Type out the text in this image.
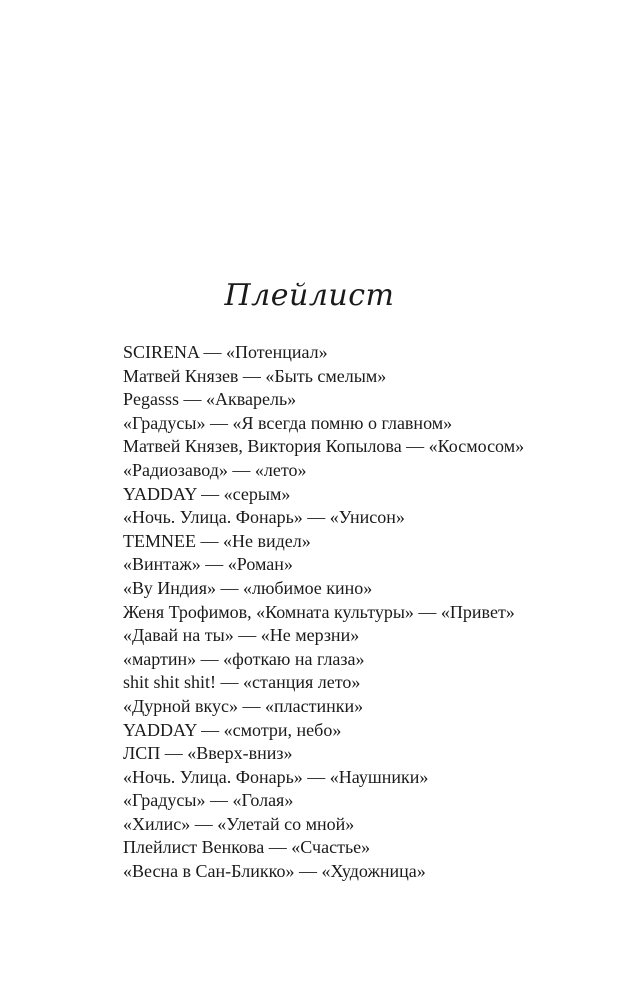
Плейлист
SCIRENA — «Потенциал»
Матвей Князев — «Быть смелым»
Pegasss — «Акварель»
«Градусы» — «Я всегда помню о главном»
Матвей Князев, Виктория Копылова — «Космосом»
«Радиозавод» — «лето»
YADDAY — «серым»
«Ночь. Улица. Фонарь» — «Унисон»
TEMNEE — «Не видел»
«Винтаж» — «Роман»
«Ву Индия» — «любимое кино»
Женя Трофимов, «Комната культуры» — «Привет»
«Давай на ты» — «Не мерзни»
«мартин» — «фоткаю на глаза»
shit shit shit! — «станция лето»
«Дурной вкус» — «пластинки»
YADDAY — «смотри, небо»
ЛСП — «Вверх-вниз»
«Ночь. Улица. Фонарь» — «Наушники»
«Градусы» — «Голая»
«Хилис» — «Улетай со мной»
Плейлист Венкова — «Счастье»
«Весна в Сан-Бликко» — «Художница»
